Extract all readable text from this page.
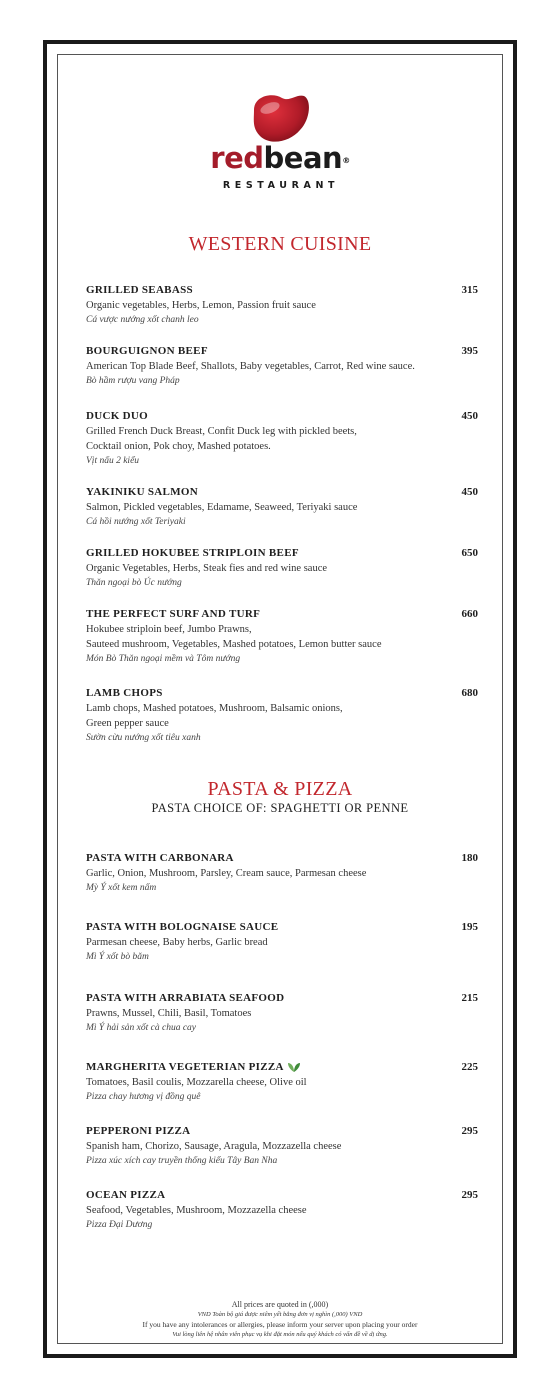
redbean®
RESTAURANT
WESTERN CUISINE
GRILLED SEABASS
Organic vegetables, Herbs, Lemon, Passion fruit sauce
Cá vược nướng xốt chanh leo
315
BOURGUIGNON BEEF
American Top Blade Beef, Shallots, Baby vegetables, Carrot, Red wine sauce.
Bò hầm rượu vang Pháp
395
DUCK DUO
Grilled French Duck Breast, Confit Duck leg with pickled beets,
Cocktail onion, Pok choy, Mashed potatoes.
Vịt nấu 2 kiểu
450
YAKINIKU SALMON
Salmon, Pickled vegetables, Edamame, Seaweed, Teriyaki sauce
Cá hồi nướng xốt Teriyaki
450
GRILLED HOKUBEE STRIPLOIN BEEF
Organic Vegetables, Herbs, Steak fies and red wine sauce
Thăn ngoại bò Úc nướng
650
THE PERFECT SURF AND TURF
Hokubee striploin beef, Jumbo Prawns,
Sauteed mushroom, Vegetables, Mashed potatoes, Lemon butter sauce
Món Bò Thăn ngoại mềm và Tôm nướng
660
LAMB CHOPS
Lamb chops, Mashed potatoes, Mushroom, Balsamic onions,
Green pepper sauce
Sườn cừu nướng xốt tiêu xanh
680
PASTA & PIZZA
PASTA CHOICE OF: SPAGHETTI OR PENNE
PASTA WITH CARBONARA
Garlic, Onion, Mushroom, Parsley, Cream sauce, Parmesan cheese
Mỳ Ý xốt kem nấm
180
PASTA WITH BOLOGNAISE SAUCE
Parmesan cheese, Baby herbs, Garlic bread
Mì Ý xốt bò băm
195
PASTA WITH ARRABIATA SEAFOOD
Prawns, Mussel, Chili, Basil, Tomatoes
Mì Ý hải sản xốt cà chua cay
215
MARGHERITA VEGETERIAN PIZZA
Tomatoes, Basil coulis, Mozzarella cheese, Olive oil
Pizza chay hương vị đồng quê
225
PEPPERONI PIZZA
Spanish ham, Chorizo, Sausage, Aragula, Mozzazella cheese
Pizza xúc xích cay truyền thống kiểu Tây Ban Nha
295
OCEAN PIZZA
Seafood, Vegetables, Mushroom, Mozzazella cheese
Pizza Đại Dương
295
All prices are quoted in (,000)
VND Toàn bộ giá được niêm yết bằng đơn vị nghìn (,000) VND
If you have any intolerances or allergies, please inform your server upon placing your order
Vui lòng liên hệ nhân viên phục vụ khi đặt món nếu quý khách có vấn đề về dị ứng.
